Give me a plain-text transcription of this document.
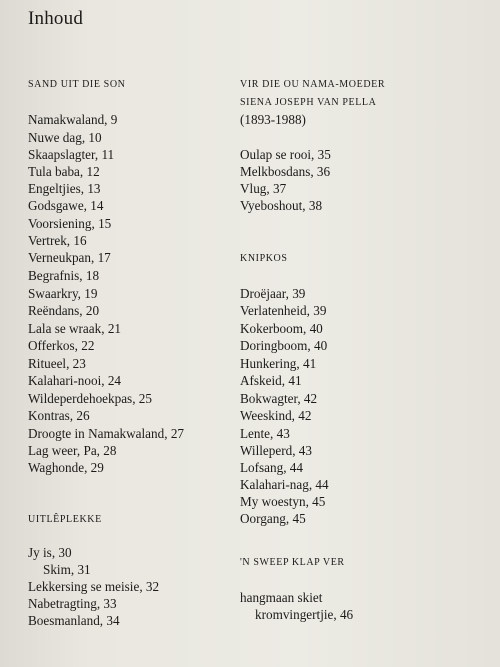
Inhoud
SAND UIT DIE SON
Namakwaland, 9
Nuwe dag, 10
Skaapslagter, 11
Tula baba, 12
Engeltjies, 13
Godsgawe, 14
Voorsiening, 15
Vertrek, 16
Verneukpan, 17
Begrafnis, 18
Swaarkry, 19
Reëndans, 20
Lala se wraak, 21
Offerkos, 22
Ritueel, 23
Kalahari-nooi, 24
Wildeperdehoekpas, 25
Kontras, 26
Droogte in Namakwaland, 27
Lag weer, Pa, 28
Waghonde, 29
UITLÊPLEKKE
Jy is, 30
Skim, 31
Lekkersing se meisie, 32
Nabetragting, 33
Boesmanland, 34
VIR DIE OU NAMA-MOEDER
SIENA JOSEPH VAN PELLA
(1893-1988)
Oulap se rooi, 35
Melkbosdans, 36
Vlug, 37
Vyeboshout, 38
KNIPKOS
Droëjaar, 39
Verlatenheid, 39
Kokerboom, 40
Doringboom, 40
Hunkering, 41
Afskeid, 41
Bokwagter, 42
Weeskind, 42
Lente, 43
Willeperd, 43
Lofsang, 44
Kalahari-nag, 44
My woestyn, 45
Oorgang, 45
'N SWEEP KLAP VER
hangmaan skiet
kromvingertjie, 46
